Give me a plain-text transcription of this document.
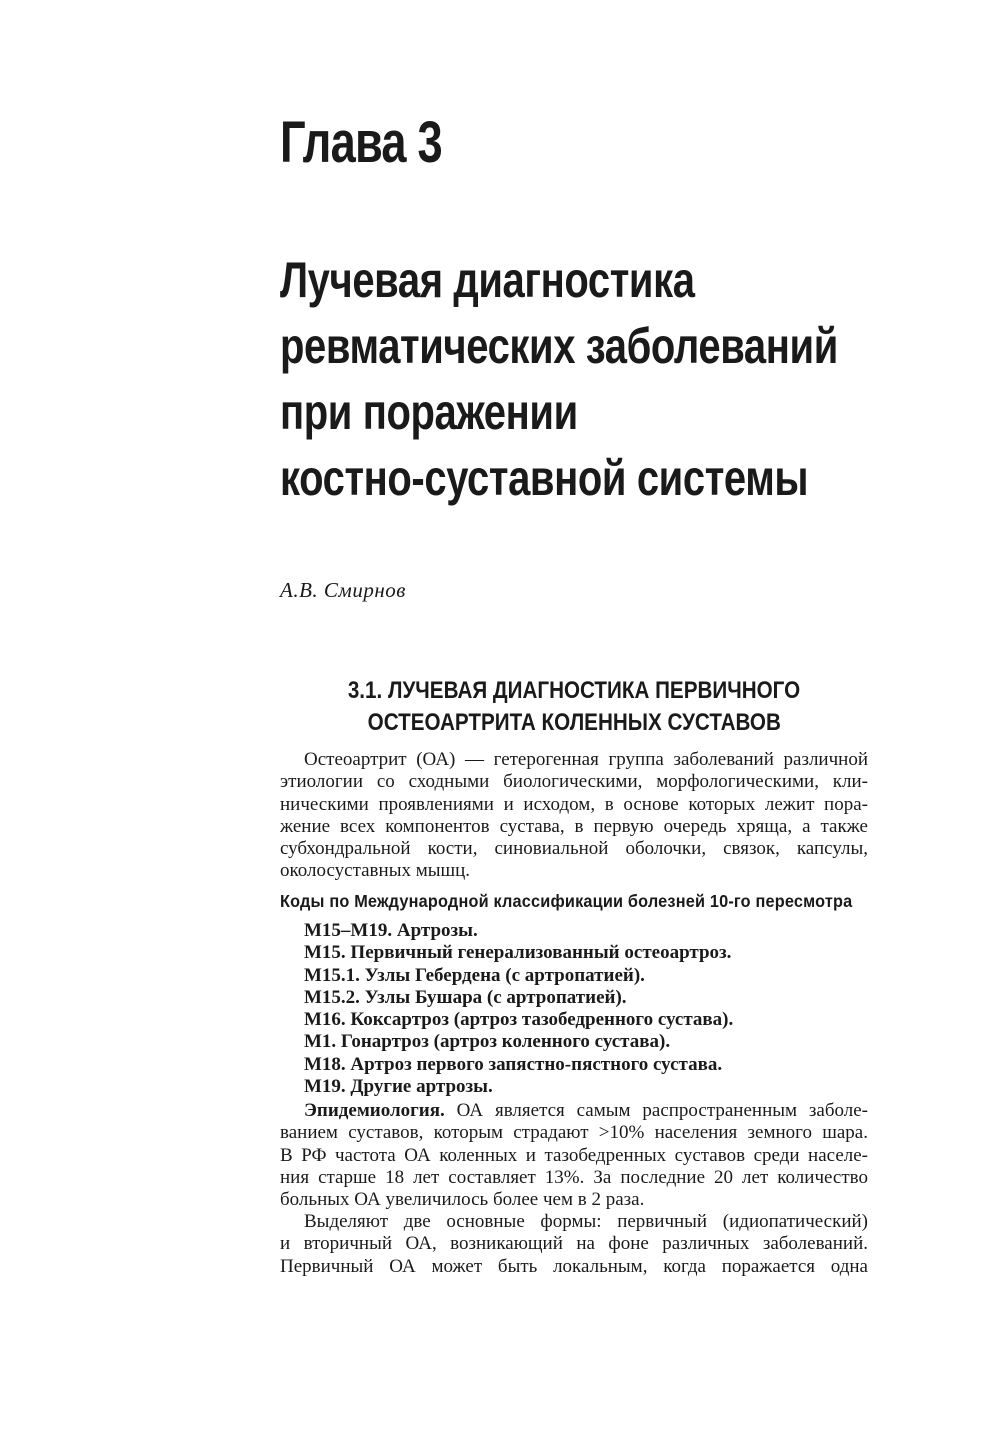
Глава 3
Лучевая диагностика
ревматических заболеваний
при поражении
костно-суставной системы
А.В. Смирнов
3.1. ЛУЧЕВАЯ ДИАГНОСТИКА ПЕРВИЧНОГО
ОСТЕОАРТРИТА КОЛЕННЫХ СУСТАВОВ
Остеоартрит (ОА) — гетерогенная группа заболеваний различной
этиологии со сходными биологическими, морфологическими, кли-
ническими проявлениями и исходом, в основе которых лежит пора-
жение всех компонентов сустава, в первую очередь хряща, а также
субхондральной кости, синовиальной оболочки, связок, капсулы,
околосуставных мышц.
Коды по Международной классификации болезней 10-го пересмотра
М15–М19. Артрозы.
М15. Первичный генерализованный остеоартроз.
М15.1. Узлы Гебердена (с артропатией).
М15.2. Узлы Бушара (с артропатией).
М16. Коксартроз (артроз тазобедренного сустава).
М1. Гонартроз (артроз коленного сустава).
М18. Артроз первого запястно-пястного сустава.
М19. Другие артрозы.
Эпидемиология. ОА является самым распространенным заболе-
ванием суставов, которым страдают >10% населения земного шара.
В РФ частота ОА коленных и тазобедренных суставов среди населе-
ния старше 18 лет составляет 13%. За последние 20 лет количество
больных ОА увеличилось более чем в 2 раза.
Выделяют две основные формы: первичный (идиопатический)
и вторичный ОА, возникающий на фоне различных заболеваний.
Первичный ОА может быть локальным, когда поражается одна
